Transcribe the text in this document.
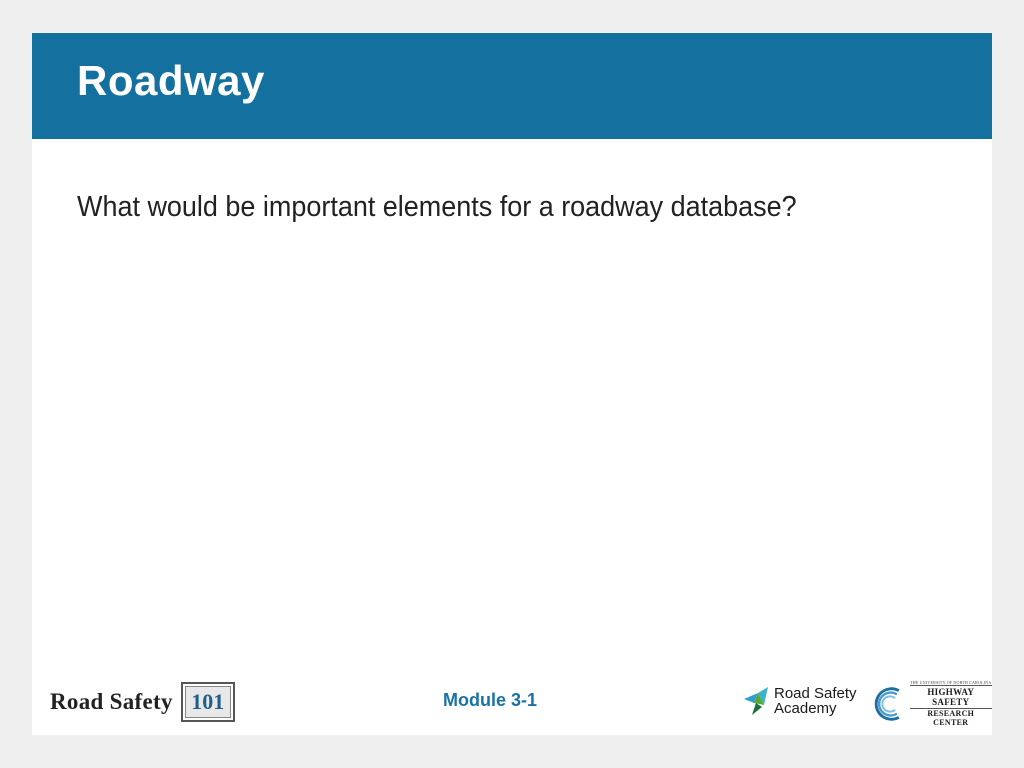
Roadway
What would be important elements for a roadway database?
Road Safety 101	Module 3-1	Road Safety
Academy
THE UNIVERSITY OF NORTH CAROLINA
HIGHWAY SAFETY
RESEARCH CENTER
